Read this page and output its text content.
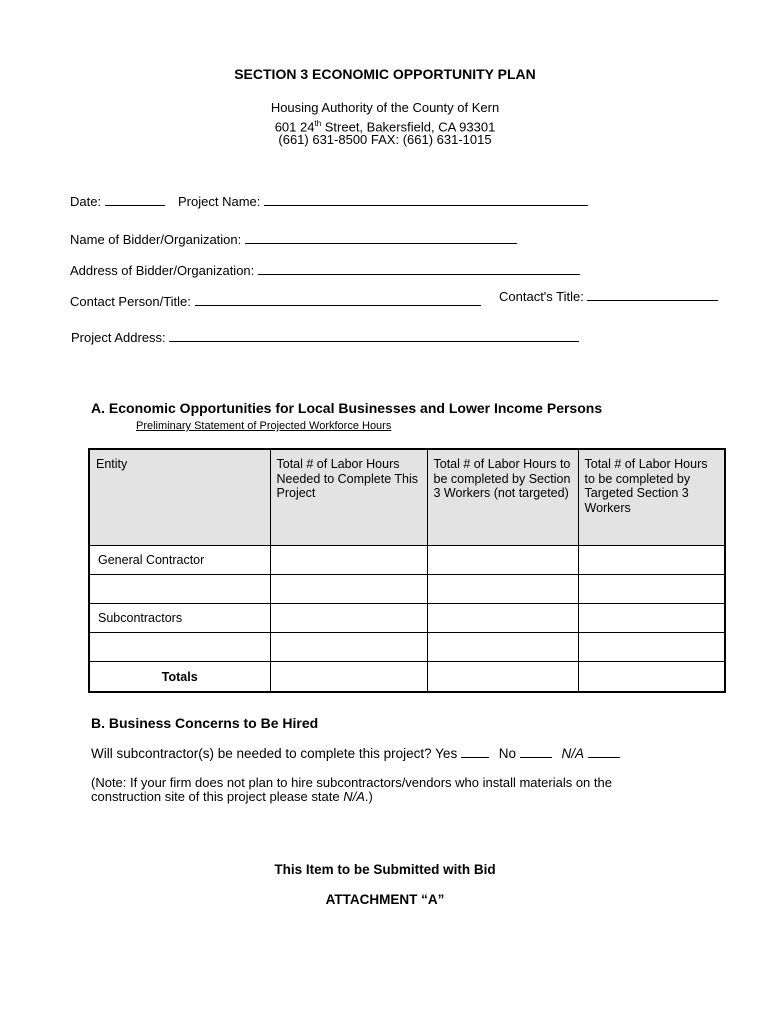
SECTION 3 ECONOMIC OPPORTUNITY PLAN
Housing Authority of the County of Kern
601 24th Street, Bakersfield, CA 93301
(661) 631-8500 FAX: (661) 631-1015
Date:	Project Name:
Name of Bidder/Organization:
Address of Bidder/Organization:
Contact Person/Title:	Contact's Title:
Project Address:
A. Economic Opportunities for Local Businesses and Lower Income Persons
Preliminary Statement of Projected Workforce Hours
Entity	Total # of Labor Hours Needed to Complete This Project	Total # of Labor Hours to be completed by Section 3 Workers (not targeted)	Total # of Labor Hours to be completed by Targeted Section 3 Workers
General Contractor			

Subcontractors			

Totals			
B. Business Concerns to Be Hired
Will subcontractor(s) be needed to complete this project? Yes	No	N/A
(Note: If your firm does not plan to hire subcontractors/vendors who install materials on the
construction site of this project please state N/A.)
This Item to be Submitted with Bid
ATTACHMENT “A”
